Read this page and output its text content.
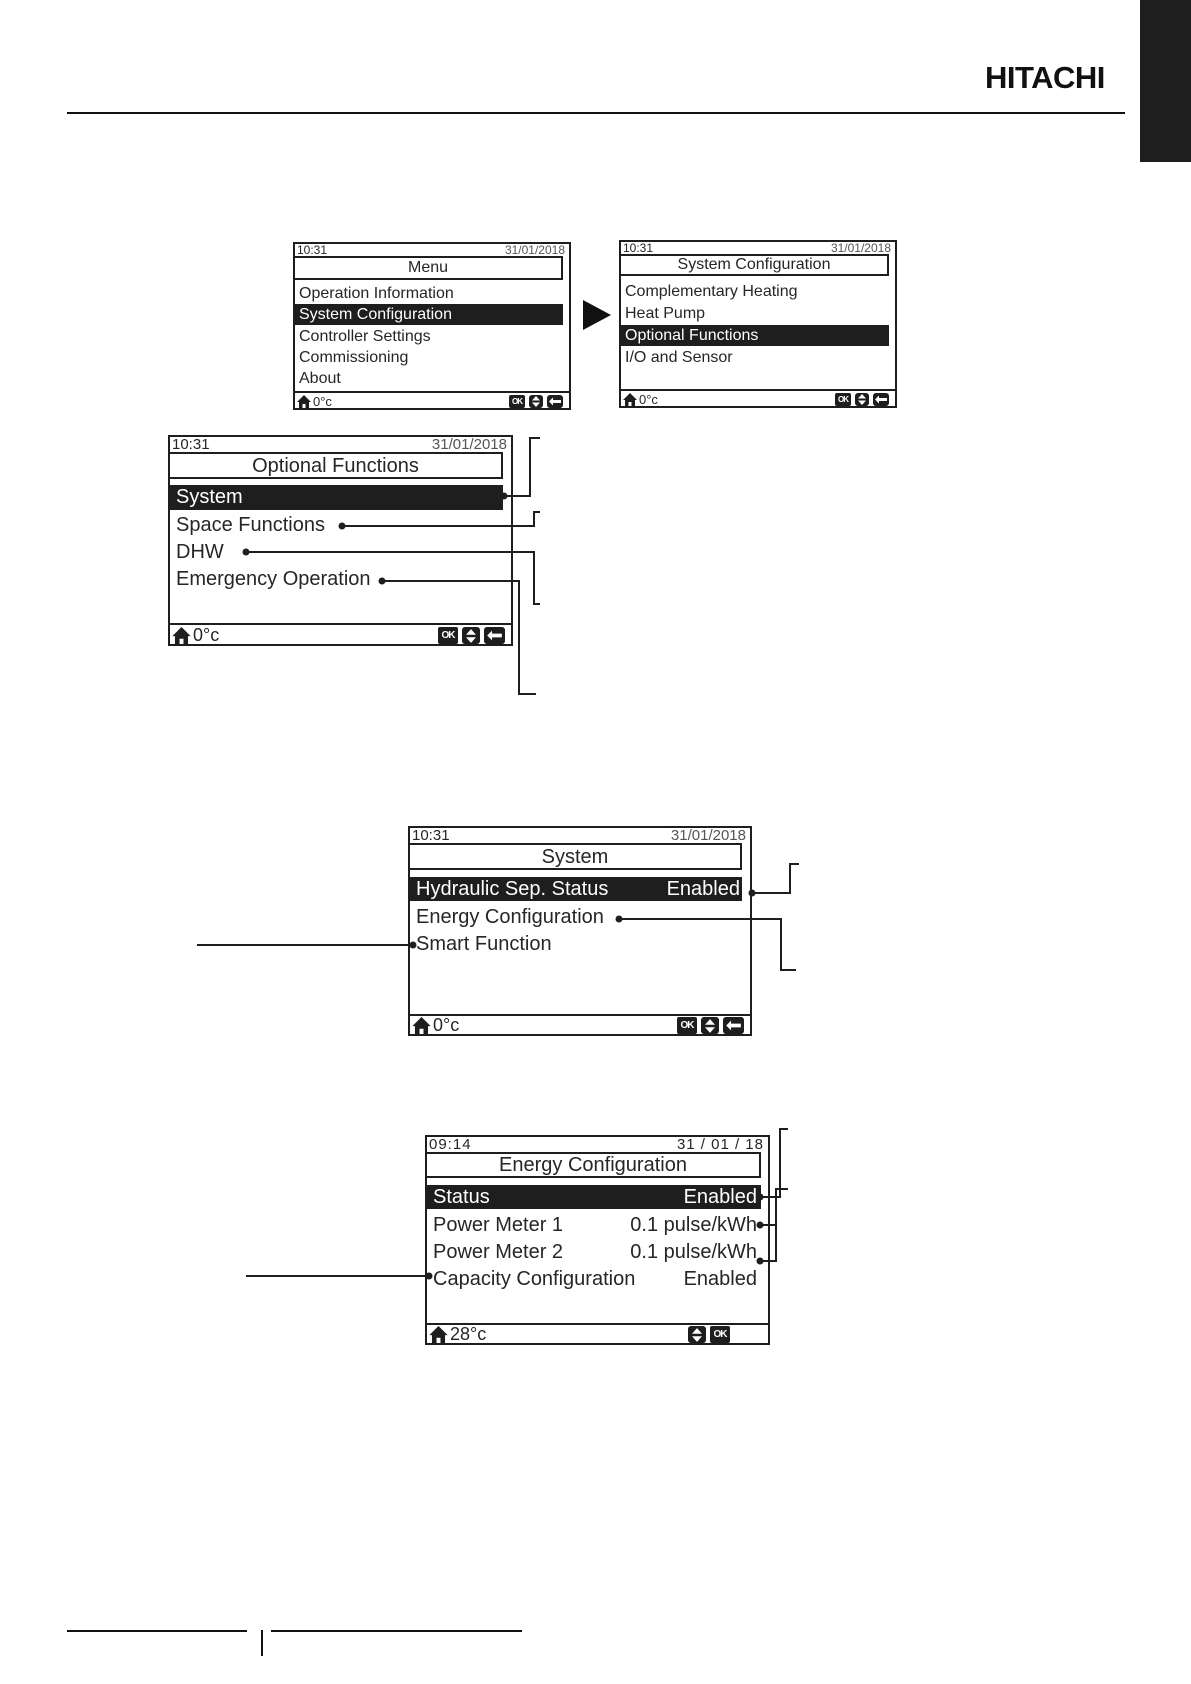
HITACHI
10:31	31/01/2018
Menu
Operation Information
System Configuration
Controller Settings
Commissioning
About
0°c	OK
10:31	31/01/2018
System Configuration
Complementary Heating
Heat Pump
Optional Functions
I/O and Sensor
0°c	OK
10:31	31/01/2018
Optional Functions
System
Space Functions
DHW
Emergency Operation
0°c	OK
10:31	31/01/2018
System
Hydraulic Sep. Status	Enabled
Energy Configuration
Smart Function
0°c	OK
09:14	31 / 01 / 18
Energy Configuration
Status	Enabled
Power Meter 1	0.1 pulse/kWh
Power Meter 2	0.1 pulse/kWh
Capacity Configuration Enabled
28°c	OK
